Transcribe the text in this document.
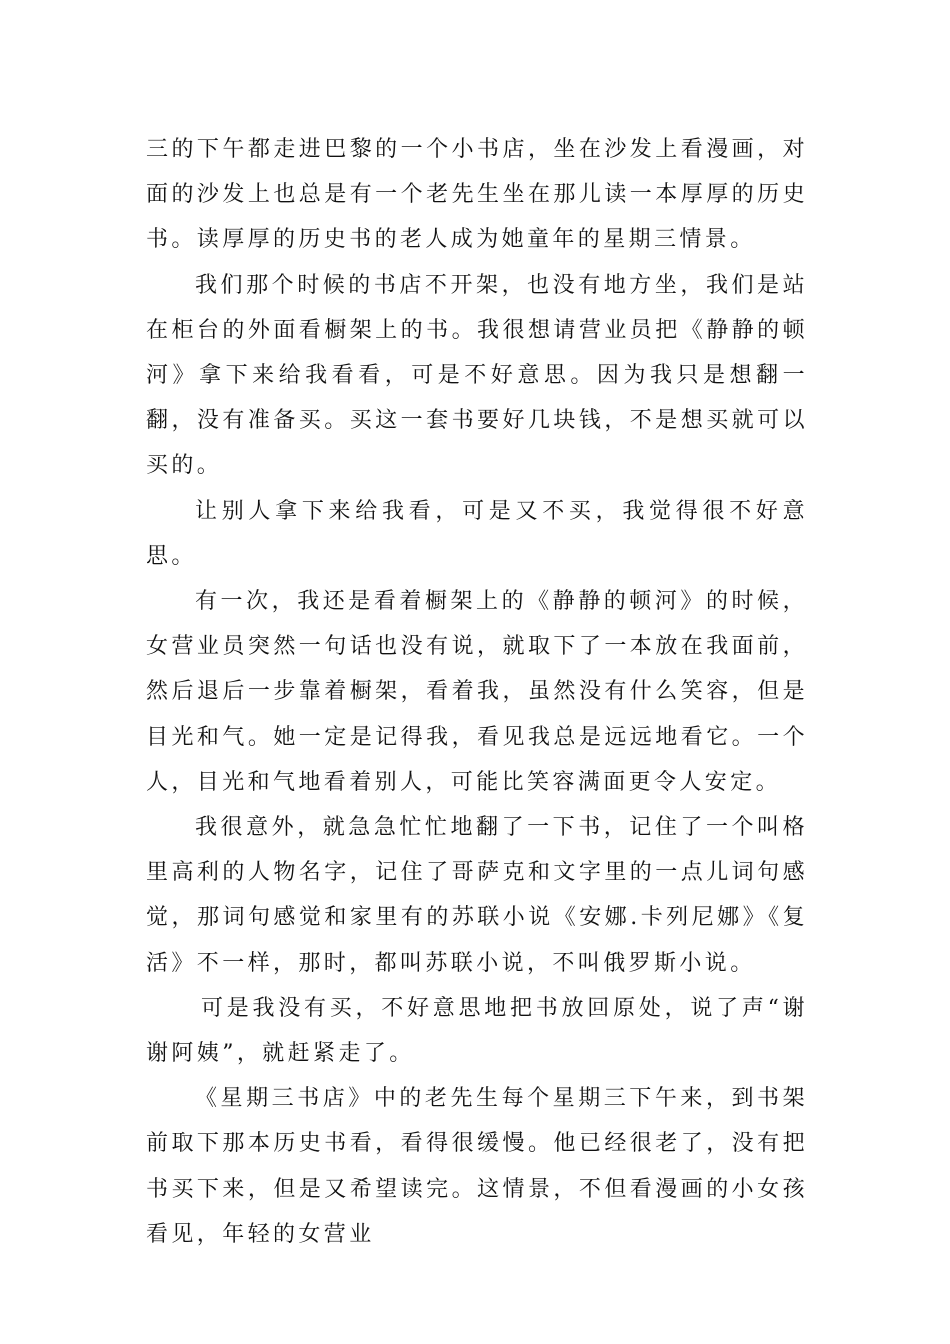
三的下午都走进巴黎的一个小书店，坐在沙发上看漫画，对面的沙发上也总是有一个老先生坐在那儿读一本厚厚的历史书。读厚厚的历史书的老人成为她童年的星期三情景。

我们那个时候的书店不开架，也没有地方坐，我们是站在柜台的外面看橱架上的书。我很想请营业员把《静静的顿河》拿下来给我看看，可是不好意思。因为我只是想翻一翻，没有准备买。买这一套书要好几块钱，不是想买就可以买的。

让别人拿下来给我看，可是又不买，我觉得很不好意思。

有一次，我还是看着橱架上的《静静的顿河》的时候，女营业员突然一句话也没有说，就取下了一本放在我面前，然后退后一步靠着橱架，看着我，虽然没有什么笑容，但是目光和气。她一定是记得我，看见我总是远远地看它。一个人，目光和气地看着别人，可能比笑容满面更令人安定。

我很意外，就急急忙忙地翻了一下书，记住了一个叫格里高利的人物名字，记住了哥萨克和文字里的一点儿词句感觉，那词句感觉和家里有的苏联小说《安娜.卡列尼娜》《复活》不一样，那时，都叫苏联小说，不叫俄罗斯小说。

可是我没有买，不好意思地把书放回原处，说了声“谢谢阿姨”，就赶紧走了。

《星期三书店》中的老先生每个星期三下午来，到书架前取下那本历史书看，看得很缓慢。他已经很老了，没有把书买下来，但是又希望读完。这情景，不但看漫画的小女孩看见，年轻的女营业
